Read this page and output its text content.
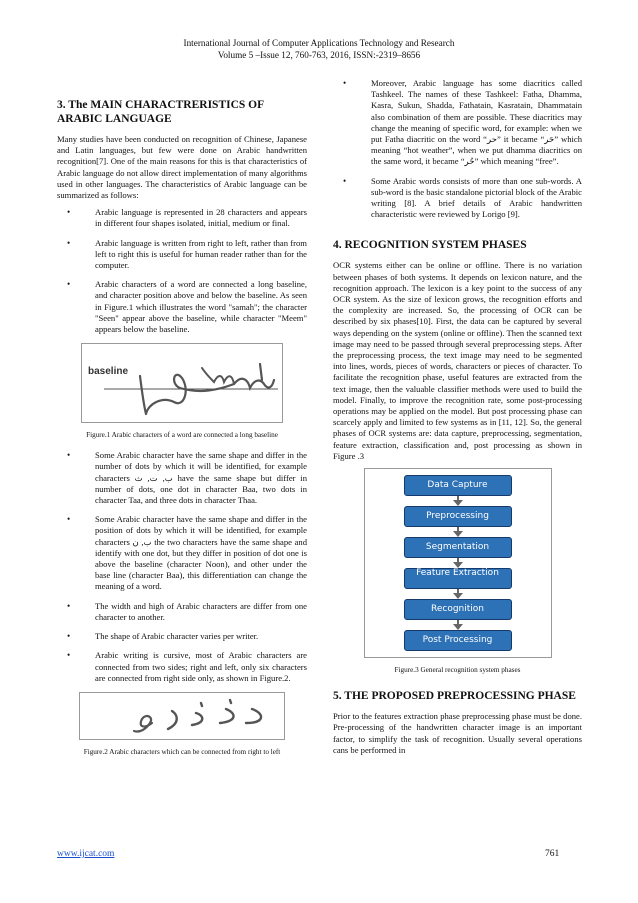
International Journal of Computer Applications Technology and Research
Volume 5 –Issue 12, 760-763, 2016, ISSN:-2319–8656
3. The MAIN CHARACTRERISTICS OF ARABIC LANGUAGE

Many studies have been conducted on recognition of Chinese, Japanese and Latin languages, but few were done on Arabic handwritten recognition[7]. One of the main reasons for this is that characteristics of Arabic language do not allow direct implementation of many algorithms used in other languages. The characteristics of Arabic language can be summarized as follows:

• Arabic language is represented in 28 characters and appears in different four shapes isolated, initial, medium or final.
• Arabic language is written from right to left, rather than from left to right this is useful for human reader rather than for the computer.
• Arabic characters of a word are connected a long baseline, and character position above and below the baseline. As seen in Figure.1 which illustrates the word "samah"; the character "Seen" appear above the baseline, while character "Meem" appears below the baseline.
baseline

Figure.1 Arabic characters of a word are connected a long baseline

• Some Arabic character have the same shape and differ in the number of dots by which it will be identified, for example characters ب, ت, ث have the same shape but differ in number of dots, one dot in character Baa, two dots in character Taa, and three dots in character Thaa.
• Some Arabic character have the same shape and differ in the position of dots by which it will be identified, for example characters ب, ن the two characters have the same shape and identify with one dot, but they differ in position of dot one is above the baseline (character Noon), and other under the base line (character Baa), this differentiation can change the meaning of a word.
• The width and high of Arabic characters are differ from one character to another.
• The shape of Arabic character varies per writer.
• Arabic writing is cursive, most of Arabic characters are connected from two sides; right and left, only six characters are connected from right side only, as shown in Figure.2.

Figure.2 Arabic characters which can be connected from right to left

• Moreover, Arabic language has some diacritics called Tashkeel. The names of these Tashkeel: Fatha, Dhamma, Kasra, Sukun, Shadda, Fathatain, Kasratain, Dhammatain also combination of them are possible. These diacritics may change the meaning of specific word, for example: when we put Fatha diacritic on the word “حر” it became “حَر” which meaning “hot weather”, when we put dhamma diacritics on the same word, it became “حُر” which meaning “free”.
• Some Arabic words consists of more than one sub-words. A sub-word is the basic standalone pictorial block of the Arabic writing [8]. A brief details of Arabic handwritten characteristic were reviewed by Lorigo [9].
4. RECOGNITION SYSTEM PHASES

OCR systems either can be online or offline. There is no variation between phases of both systems. It depends on lexicon nature, and the recognition approach. The lexicon is a key point to the success of any OCR system. As the size of lexicon grows, the recognition efforts and the complexity are increased. So, the processing of OCR can be described by six phases[10]. First, the data can be captured by several ways depending on the system (online or offline). Then the scanned text image may need to be passed through several preprocessing steps. After the preprocessing process, the text image may need to be segmented into lines, words, pieces of words, characters or pieces of character. To facilitate the recognition phase, useful features are extracted from the text image, then the valuable classifier methods were used to build the model. Finally, to improve the recognition rate, some post-processing operations may be applied on the model. But post processing phase can scarcely apply and limited to few systems as in [11, 12]. So, the general phases of OCR systems are: data capture, preprocessing, segmentation, feature extraction, classification and, post processing as shown in Figure .3

Data Capture
Preprocessing
Segmentation
Feature Extraction
Recognition
Post Processing

Figure.3 General recognition system phases

5. THE PROPOSED PREPROCESSING PHASE

Prior to the features extraction phase preprocessing phase must be done. Pre-processing of the handwritten character image is an important factor, to simplify the task of recognition. Usually several operations cans be performed in

www.ijcat.com	761
